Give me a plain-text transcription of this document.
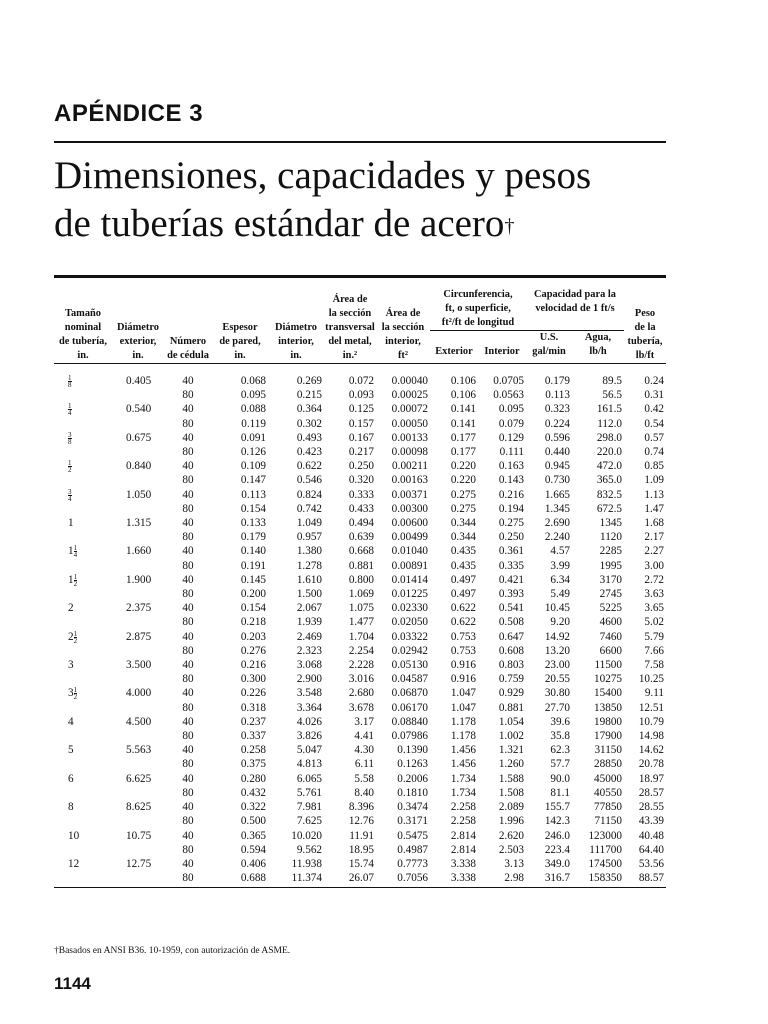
APÉNDICE 3
Dimensiones, capacidades y pesos
de tuberías estándar de acero†
Tamaño
nominal
de tubería,
in.	Diámetro
exterior,
in.	Número
de cédula	Espesor
de pared,
in.	Diámetro
interior,
in.	Área de
la sección
transversal
del metal,
in.²	Área de
la sección
interior,
ft²	Circunferencia,
ft, o superficie,
ft²/ft de longitud		Capacidad para la
velocidad de 1 ft/s		Peso
de la
tubería,
lb/ft
							Exterior	Interior	U.S.
gal/min	Agua,
lb/h	

$\frac{1}{8}$	0.405	40	0.068	0.269	0.072	0.00040	0.106	0.0705	0.179	89.5	0.24
		80	0.095	0.215	0.093	0.00025	0.106	0.0563	0.113	56.5	0.31

$\frac{1}{4}$	0.540	40	0.088	0.364	0.125	0.00072	0.141	0.095	0.323	161.5	0.42
		80	0.119	0.302	0.157	0.00050	0.141	0.079	0.224	112.0	0.54

$\frac{3}{8}$	0.675	40	0.091	0.493	0.167	0.00133	0.177	0.129	0.596	298.0	0.57
		80	0.126	0.423	0.217	0.00098	0.177	0.111	0.440	220.0	0.74

$\frac{1}{2}$	0.840	40	0.109	0.622	0.250	0.00211	0.220	0.163	0.945	472.0	0.85
		80	0.147	0.546	0.320	0.00163	0.220	0.143	0.730	365.0	1.09

$\frac{3}{4}$	1.050	40	0.113	0.824	0.333	0.00371	0.275	0.216	1.665	832.5	1.13
		80	0.154	0.742	0.433	0.00300	0.275	0.194	1.345	672.5	1.47
1	1.315	40	0.133	1.049	0.494	0.00600	0.344	0.275	2.690	1345	1.68
		80	0.179	0.957	0.639	0.00499	0.344	0.250	2.240	1120	2.17
$1 \frac{1}{4}$	1.660	40	0.140	1.380	0.668	0.01040	0.435	0.361	4.57	2285	2.27
		80	0.191	1.278	0.881	0.00891	0.435	0.335	3.99	1995	3.00
$1 \frac{1}{2}$	1.900	40	0.145	1.610	0.800	0.01414	0.497	0.421	6.34	3170	2.72
		80	0.200	1.500	1.069	0.01225	0.497	0.393	5.49	2745	3.63
2	2.375	40	0.154	2.067	1.075	0.02330	0.622	0.541	10.45	5225	3.65
		80	0.218	1.939	1.477	0.02050	0.622	0.508	9.20	4600	5.02
$2 \frac{1}{2}$	2.875	40	0.203	2.469	1.704	0.03322	0.753	0.647	14.92	7460	5.79
		80	0.276	2.323	2.254	0.02942	0.753	0.608	13.20	6600	7.66
3	3.500	40	0.216	3.068	2.228	0.05130	0.916	0.803	23.00	11500	7.58
		80	0.300	2.900	3.016	0.04587	0.916	0.759	20.55	10275	10.25
$3 \frac{1}{2}$	4.000	40	0.226	3.548	2.680	0.06870	1.047	0.929	30.80	15400	9.11
		80	0.318	3.364	3.678	0.06170	1.047	0.881	27.70	13850	12.51
4	4.500	40	0.237	4.026	3.17	0.08840	1.178	1.054	39.6	19800	10.79
		80	0.337	3.826	4.41	0.07986	1.178	1.002	35.8	17900	14.98
5	5.563	40	0.258	5.047	4.30	0.1390	1.456	1.321	62.3	31150	14.62
		80	0.375	4.813	6.11	0.1263	1.456	1.260	57.7	28850	20.78
6	6.625	40	0.280	6.065	5.58	0.2006	1.734	1.588	90.0	45000	18.97
		80	0.432	5.761	8.40	0.1810	1.734	1.508	81.1	40550	28.57
8	8.625	40	0.322	7.981	8.396	0.3474	2.258	2.089	155.7	77850	28.55
		80	0.500	7.625	12.76	0.3171	2.258	1.996	142.3	71150	43.39
10	10.75	40	0.365	10.020	11.91	0.5475	2.814	2.620	246.0	123000	40.48
		80	0.594	9.562	18.95	0.4987	2.814	2.503	223.4	111700	64.40
12	12.75	40	0.406	11.938	15.74	0.7773	3.338	3.13	349.0	174500	53.56
		80	0.688	11.374	26.07	0.7056	3.338	2.98	316.7	158350	88.57
†Basados en ANSI B36. 10-1959, con autorización de ASME.
1144
